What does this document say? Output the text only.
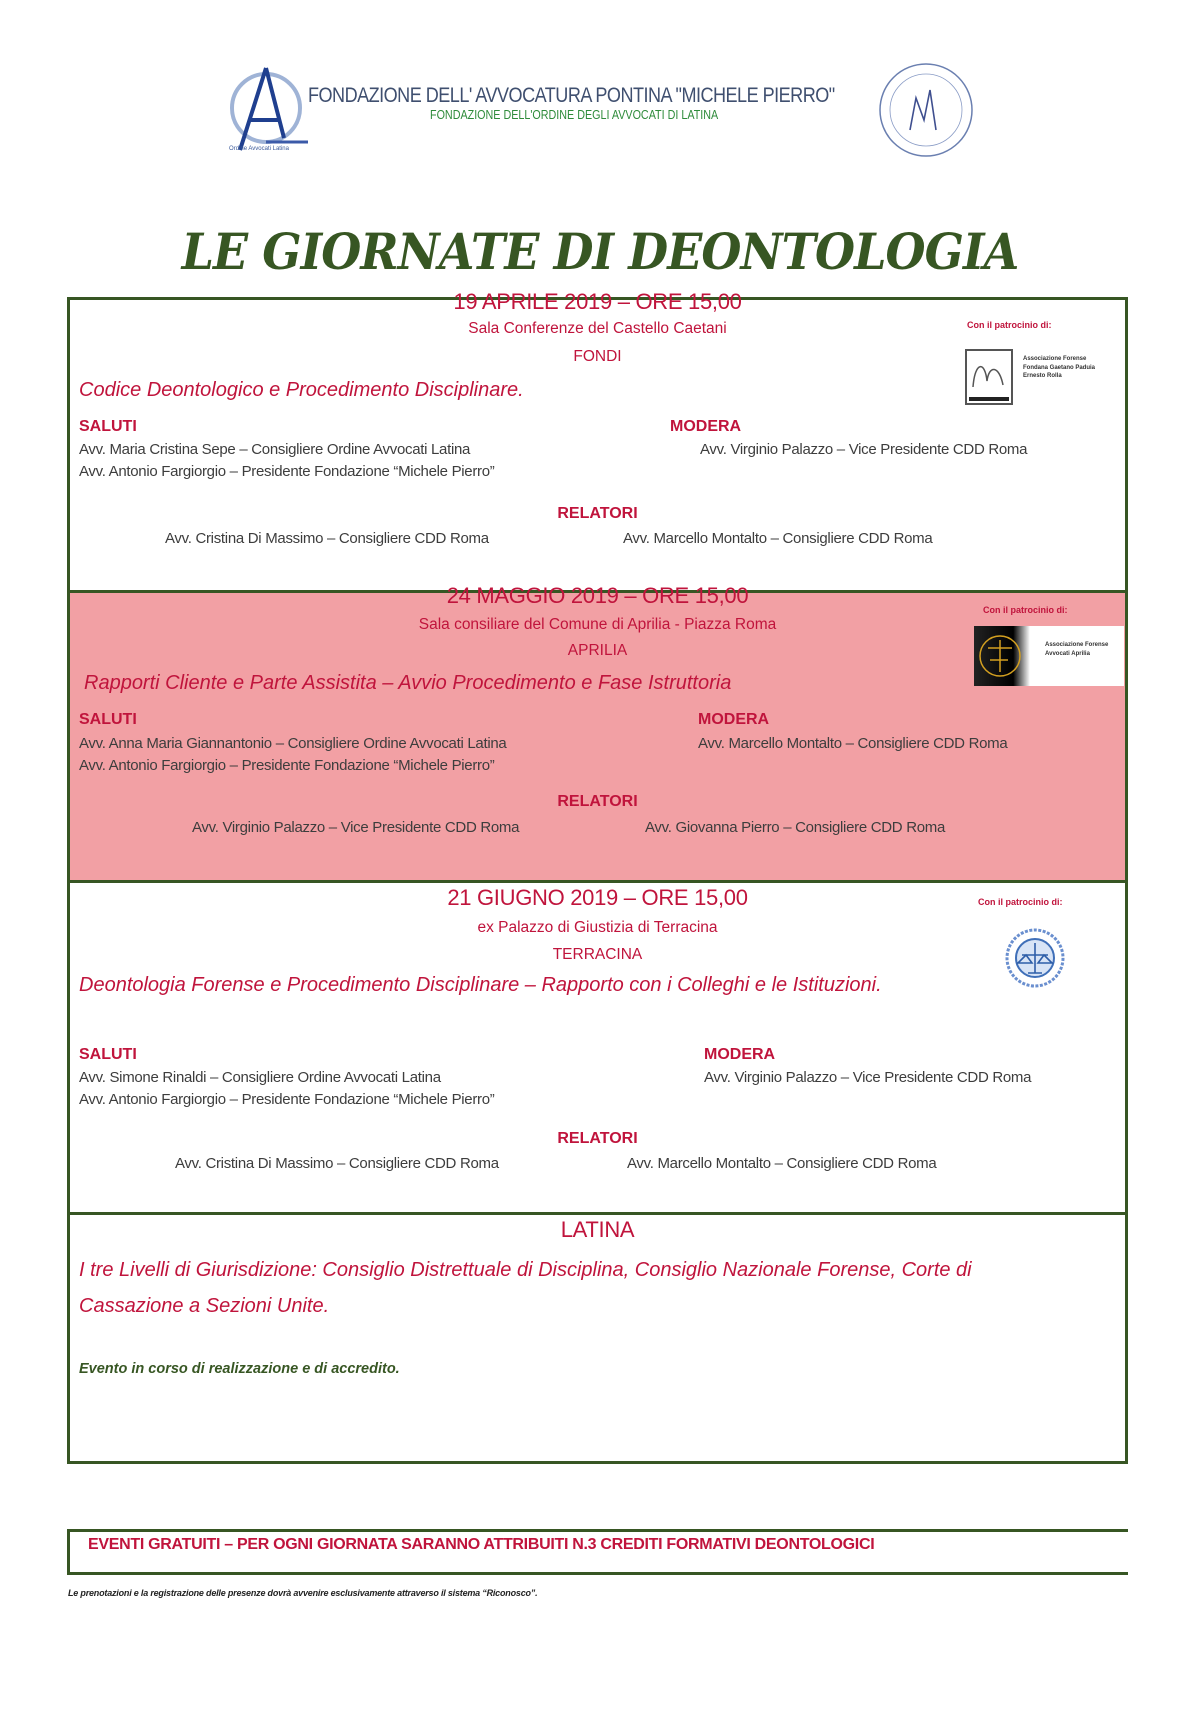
Ordine Avvocati Latina
FONDAZIONE DELL' AVVOCATURA PONTINA "MICHELE PIERRO"
FONDAZIONE DELL'ORDINE DEGLI AVVOCATI DI LATINA
LE GIORNATE DI DEONTOLOGIA
19 APRILE 2019 – ORE 15,00
Sala Conferenze del Castello Caetani
FONDI
Con il patrocinio di:
Associazione Forense Fondana Gaetano Paduia Ernesto Rolla
Codice Deontologico e Procedimento Disciplinare.
SALUTI
Avv. Maria Cristina Sepe – Consigliere Ordine Avvocati Latina
Avv. Antonio Fargiorgio – Presidente Fondazione “Michele Pierro”
MODERA
Avv. Virginio Palazzo – Vice Presidente CDD Roma
RELATORI
Avv. Cristina Di Massimo – Consigliere CDD Roma	Avv. Marcello Montalto – Consigliere CDD Roma
24 MAGGIO 2019 – ORE 15,00
Sala consiliare del Comune di Aprilia - Piazza Roma
APRILIA
Con il patrocinio di:
Associazione Forense Avvocati Aprilia
Rapporti Cliente e Parte Assistita – Avvio Procedimento e Fase Istruttoria
SALUTI
Avv. Anna Maria Giannantonio – Consigliere Ordine Avvocati Latina
Avv. Antonio Fargiorgio – Presidente Fondazione “Michele Pierro”
MODERA
Avv. Marcello Montalto – Consigliere CDD Roma
RELATORI
Avv. Virginio Palazzo – Vice Presidente CDD Roma	Avv. Giovanna Pierro – Consigliere CDD Roma
21 GIUGNO 2019 – ORE 15,00
ex Palazzo di Giustizia di Terracina
TERRACINA
Con il patrocinio di:
Deontologia Forense e Procedimento Disciplinare – Rapporto con i Colleghi e le Istituzioni.
SALUTI
Avv. Simone Rinaldi – Consigliere Ordine Avvocati Latina
Avv. Antonio Fargiorgio – Presidente Fondazione “Michele Pierro”
MODERA
Avv. Virginio Palazzo – Vice Presidente CDD Roma
RELATORI
Avv. Cristina Di Massimo – Consigliere CDD Roma	Avv. Marcello Montalto – Consigliere CDD Roma
LATINA
I tre Livelli di Giurisdizione: Consiglio Distrettuale di Disciplina, Consiglio Nazionale Forense, Corte di Cassazione a Sezioni Unite.
Evento in corso di realizzazione e di accredito.
EVENTI GRATUITI – PER OGNI GIORNATA SARANNO ATTRIBUITI N.3 CREDITI FORMATIVI DEONTOLOGICI
Le prenotazioni e la registrazione delle presenze dovrà avvenire esclusivamente attraverso il sistema “Riconosco”.
